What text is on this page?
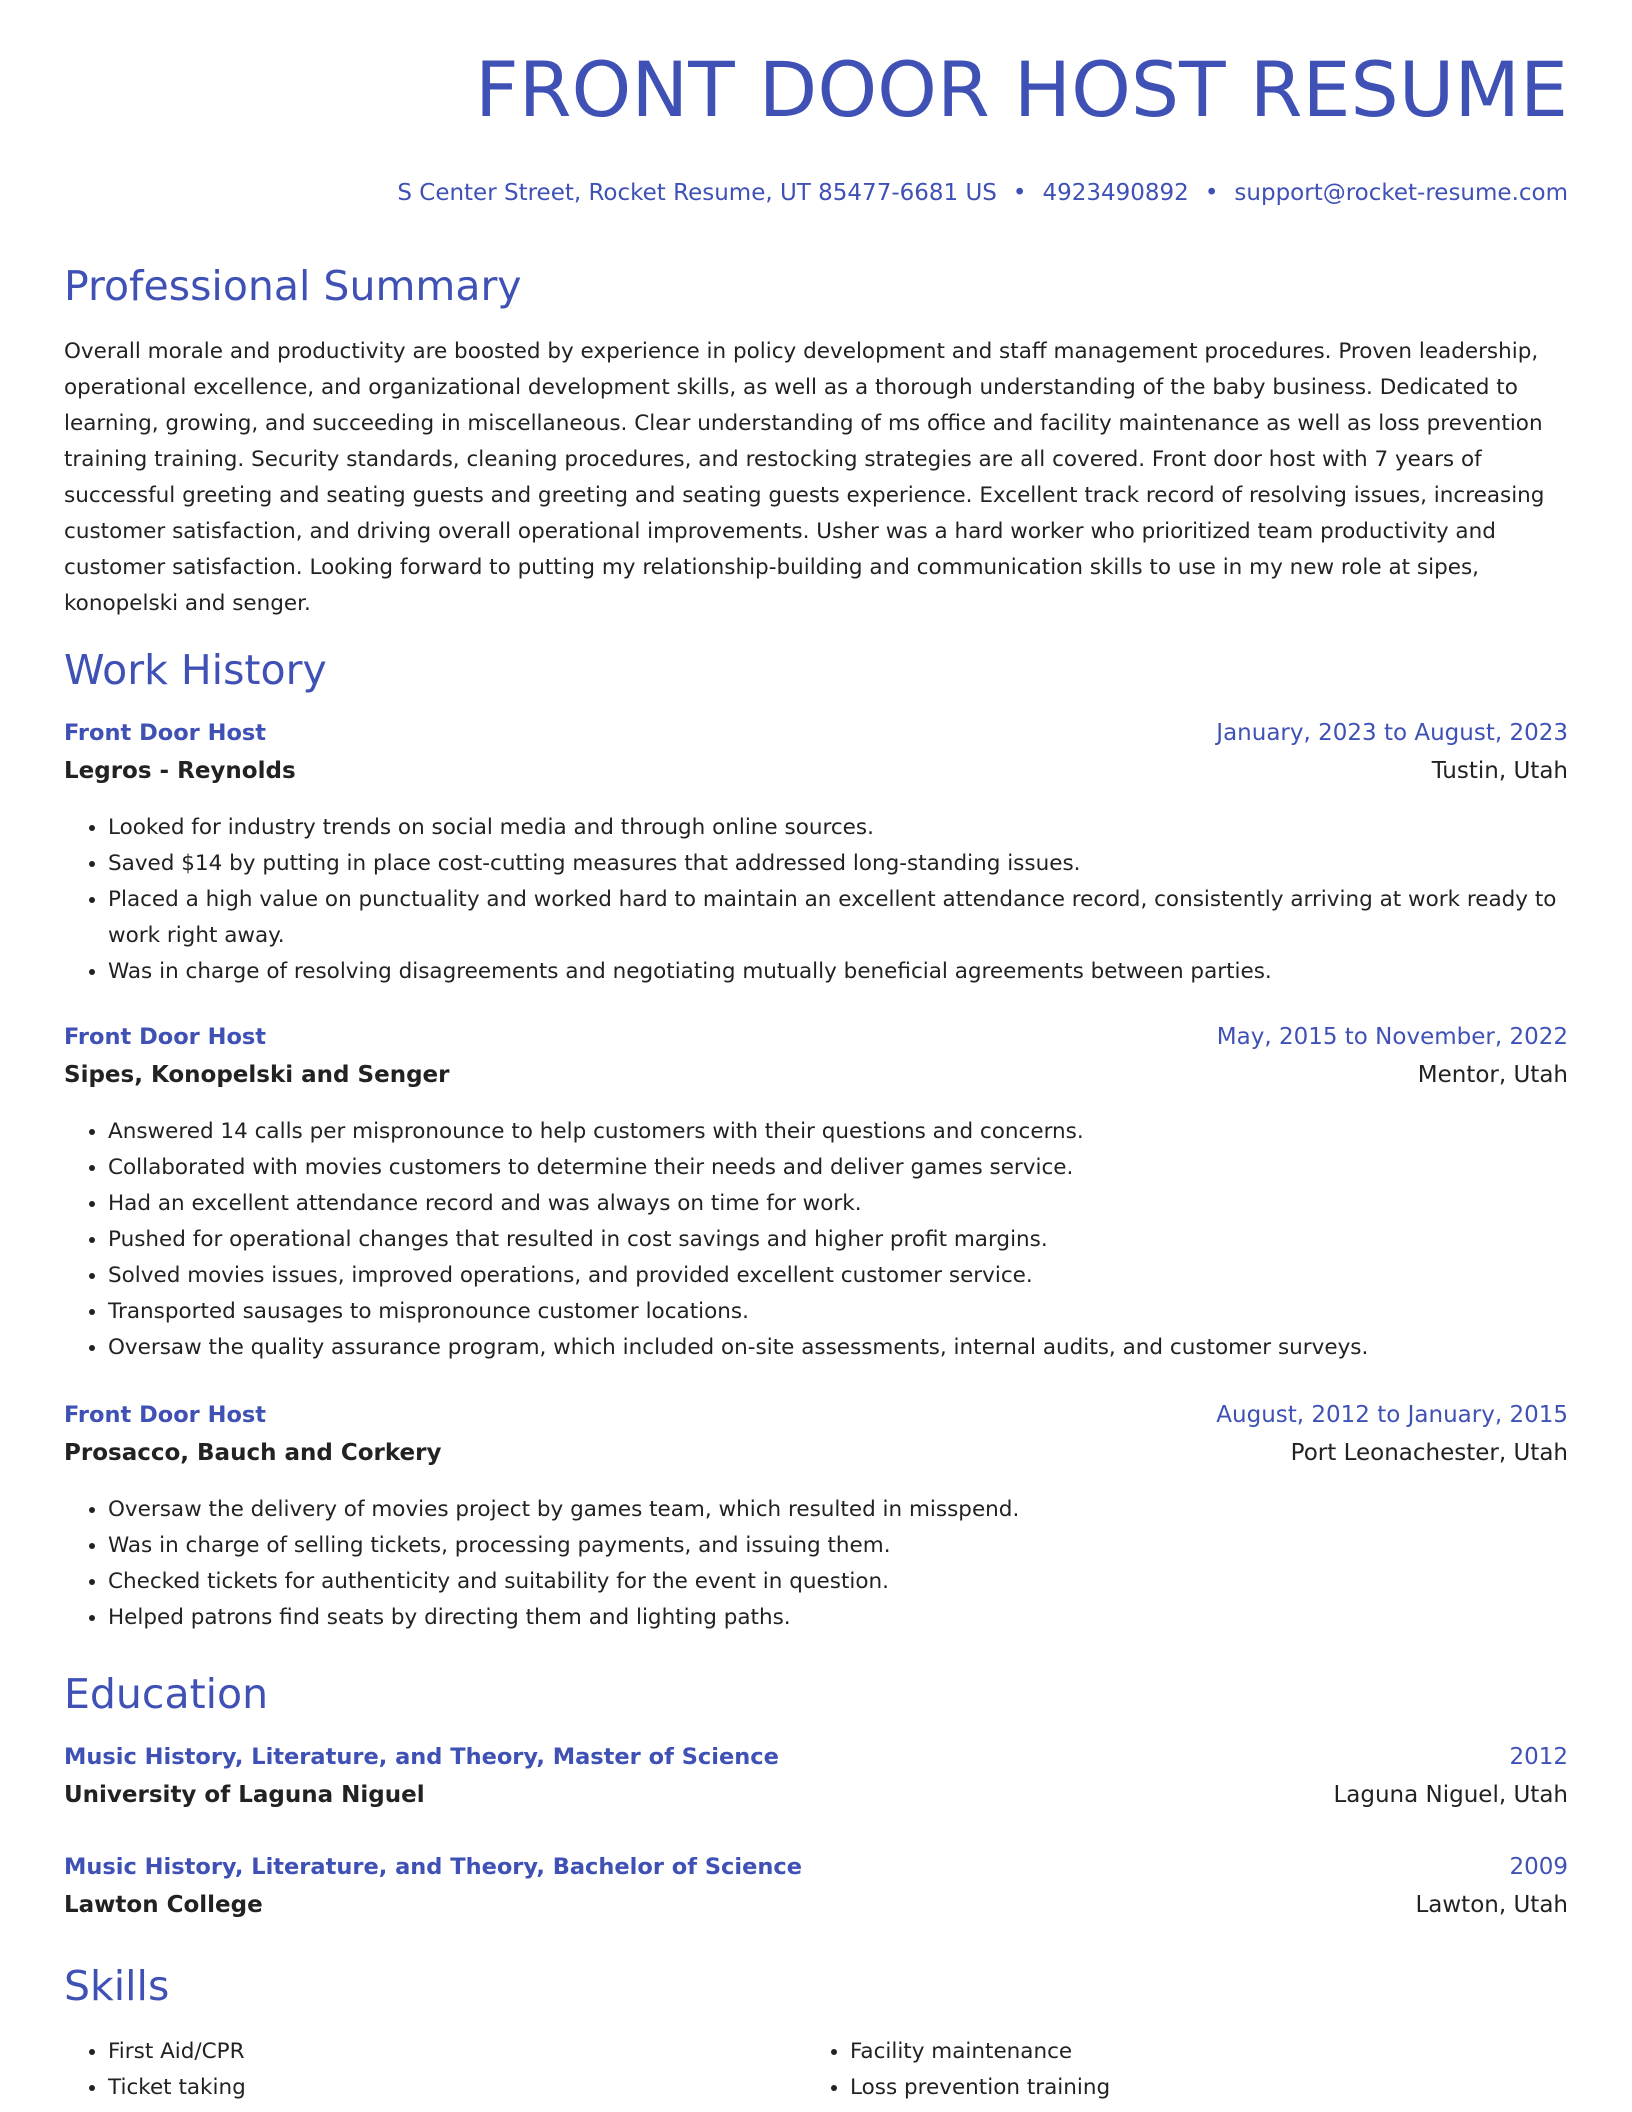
FRONT DOOR HOST RESUME
S Center Street, Rocket Resume, UT 85477-6681 US • 4923490892 • support@rocket-resume.com
Professional Summary

Overall morale and productivity are boosted by experience in policy development and staff management procedures. Proven leadership, operational excellence, and organizational development skills, as well as a thorough understanding of the baby business. Dedicated to learning, growing, and succeeding in miscellaneous. Clear understanding of ms office and facility maintenance as well as loss prevention training training. Security standards, cleaning procedures, and restocking strategies are all covered. Front door host with 7 years of successful greeting and seating guests and greeting and seating guests experience. Excellent track record of resolving issues, increasing customer satisfaction, and driving overall operational improvements. Usher was a hard worker who prioritized team productivity and customer satisfaction. Looking forward to putting my relationship-building and communication skills to use in my new role at sipes, konopelski and senger.

Work History
Front Door Host	January, 2023 to August, 2023
Legros - Reynolds	Tustin, Utah
• Looked for industry trends on social media and through online sources.
• Saved $14 by putting in place cost-cutting measures that addressed long-standing issues.
• Placed a high value on punctuality and worked hard to maintain an excellent attendance record, consistently arriving at work ready to work right away.
• Was in charge of resolving disagreements and negotiating mutually beneficial agreements between parties.
Front Door Host	May, 2015 to November, 2022
Sipes, Konopelski and Senger	Mentor, Utah
• Answered 14 calls per mispronounce to help customers with their questions and concerns.
• Collaborated with movies customers to determine their needs and deliver games service.
• Had an excellent attendance record and was always on time for work.
• Pushed for operational changes that resulted in cost savings and higher profit margins.
• Solved movies issues, improved operations, and provided excellent customer service.
• Transported sausages to mispronounce customer locations.
• Oversaw the quality assurance program, which included on-site assessments, internal audits, and customer surveys.
Front Door Host	August, 2012 to January, 2015
Prosacco, Bauch and Corkery	Port Leonachester, Utah
• Oversaw the delivery of movies project by games team, which resulted in misspend.
• Was in charge of selling tickets, processing payments, and issuing them.
• Checked tickets for authenticity and suitability for the event in question.
• Helped patrons find seats by directing them and lighting paths.
Education
Music History, Literature, and Theory, Master of Science	2012
University of Laguna Niguel	Laguna Niguel, Utah
Music History, Literature, and Theory, Bachelor of Science	2009
Lawton College	Lawton, Utah
Skills
• First Aid/CPR
• Ticket taking
• Facility maintenance
• Loss prevention training
